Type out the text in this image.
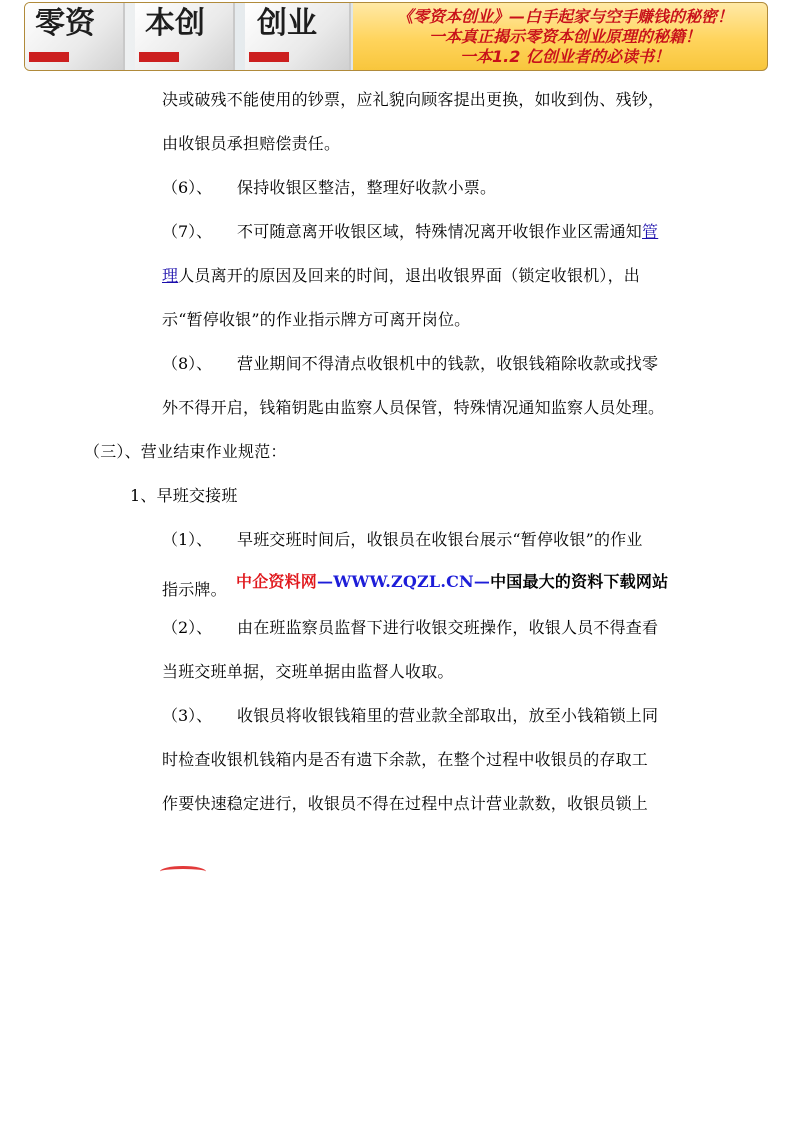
零资 本创 创业	《零资本创业》—白手起家与空手赚钱的秘密！
一本真正揭示零资本创业原理的秘籍！
一本1.2 亿创业者的必读书！
决或破残不能使用的钞票，应礼貌向顾客提出更换，如收到伪、残钞，
由收银员承担赔偿责任。
（6）、 保持收银区整洁，整理好收款小票。
（7）、 不可随意离开收银区域，特殊情况离开收银作业区需通知管
理人员离开的原因及回来的时间，退出收银界面（锁定收银机），出
示“暂停收银”的作业指示牌方可离开岗位。
（8）、 营业期间不得清点收银机中的钱款，收银钱箱除收款或找零
外不得开启，钱箱钥匙由监察人员保管，特殊情况通知监察人员处理。
（三）、营业结束作业规范：
1、早班交接班
（1）、 早班交班时间后，收银员在收银台展示“暂停收银”的作业
指示牌。 中企资料网—WWW.ZQZL.CN—中国最大的资料下载网站
（2）、 由在班监察员监督下进行收银交班操作，收银人员不得查看
当班交班单据，交班单据由监督人收取。
（3）、 收银员将收银钱箱里的营业款全部取出，放至小钱箱锁上同
时检查收银机钱箱内是否有遗下余款，在整个过程中收银员的存取工
作要快速稳定进行，收银员不得在过程中点计营业款数，收银员锁上
